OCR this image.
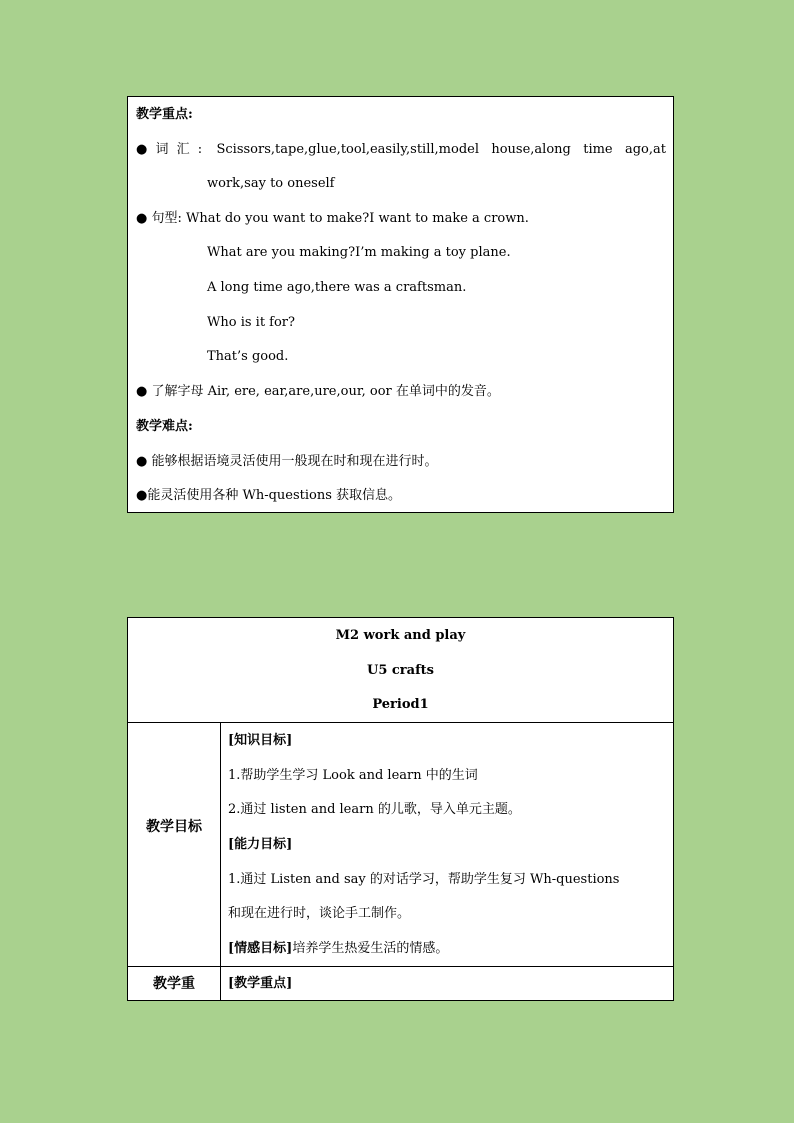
教学重点:
● 词 汇 : Scissors,tape,glue,tool,easily,still,model house,along time ago,at
work,say to oneself
● 句型: What do you want to make?I want to make a crown.
What are you making?I’m making a toy plane.
A long time ago,there was a craftsman.
Who is it for?
That’s good.
● 了解字母 Air, ere, ear,are,ure,our, oor 在单词中的发音。
教学难点:
● 能够根据语境灵活使用一般现在时和现在进行时。
●能灵活使用各种 Wh-questions 获取信息。
M2 work and play
U5 crafts
Period1
教学目标
[知识目标]
1.帮助学生学习 Look and learn 中的生词
2.通过 listen and learn 的儿歌，导入单元主题。
[能力目标]
1.通过 Listen and say 的对话学习，帮助学生复习 Wh-questions
和现在进行时，谈论手工制作。
[情感目标]培养学生热爱生活的情感。
教学重	[教学重点]
